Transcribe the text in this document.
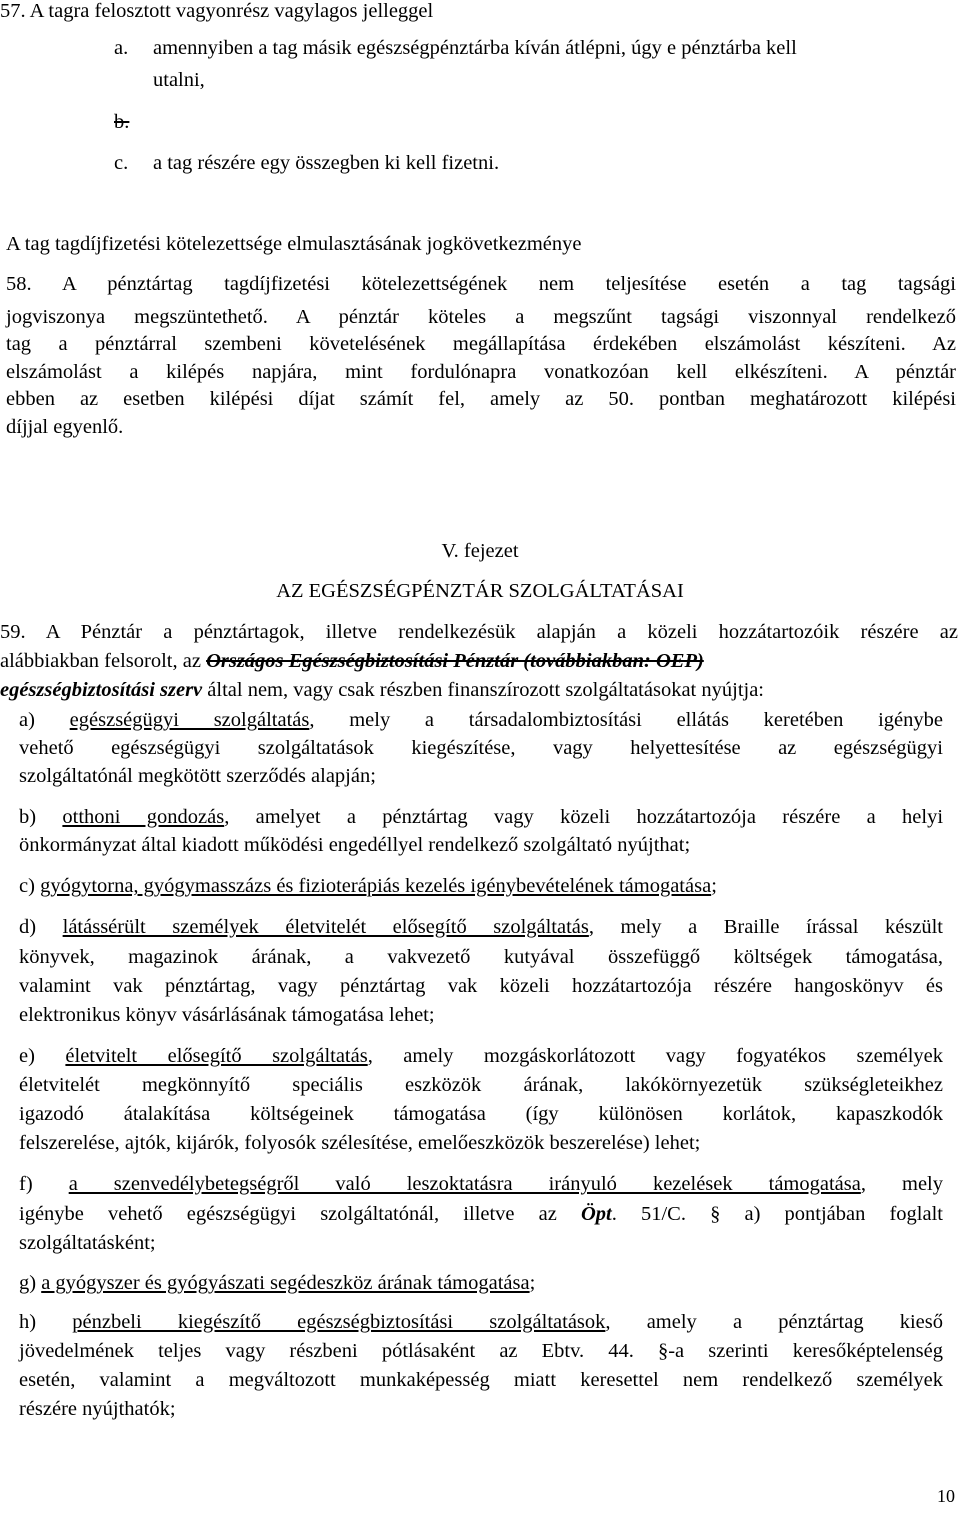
57. A tagra felosztott vagyonrész vagylagos jelleggel
a. amennyiben a tag másik egészségpénztárba kíván átlépni, úgy e pénztárba kell
utalni,
b.
c. a tag részére egy összegben ki kell fizetni.
A tag tagdíjfizetési kötelezettsége elmulasztásának jogkövetkezménye
58. A pénztártag tagdíjfizetési kötelezettségének nem teljesítése esetén a tag tagsági
jogviszonya megszüntethető. A pénztár köteles a megszűnt tagsági viszonnyal rendelkező
tag a pénztárral szembeni követelésének megállapítása érdekében elszámolást készíteni. Az
elszámolást a kilépés napjára, mint fordulónapra vonatkozóan kell elkészíteni. A pénztár
ebben az esetben kilépési díjat számít fel, amely az 50. pontban meghatározott kilépési
díjjal egyenlő.
V. fejezet
AZ EGÉSZSÉGPÉNZTÁR SZOLGÁLTATÁSAI
59. A Pénztár a pénztártagok, illetve rendelkezésük alapján a közeli hozzátartozóik részére az
alábbiakban felsorolt, az Országos Egészségbiztosítási Pénztár (továbbiakban: OEP)
egészségbiztosítási szerv által nem, vagy csak részben finanszírozott szolgáltatásokat nyújtja:
a) egészségügyi szolgáltatás, mely a társadalombiztosítási ellátás keretében igénybe
vehető egészségügyi szolgáltatások kiegészítése, vagy helyettesítése az egészségügyi
szolgáltatónál megkötött szerződés alapján;
b) otthoni gondozás, amelyet a pénztártag vagy közeli hozzátartozója részére a helyi
önkormányzat által kiadott működési engedéllyel rendelkező szolgáltató nyújthat;
c) gyógytorna, gyógymasszázs és fizioterápiás kezelés igénybevételének támogatása;
d) látássérült személyek életvitelét elősegítő szolgáltatás, mely a Braille írással készült
könyvek, magazinok árának, a vakvezető kutyával összefüggő költségek támogatása,
valamint vak pénztártag, vagy pénztártag vak közeli hozzátartozója részére hangoskönyv és
elektronikus könyv vásárlásának támogatása lehet;
e) életvitelt elősegítő szolgáltatás, amely mozgáskorlátozott vagy fogyatékos személyek
életvitelét megkönnyítő speciális eszközök árának, lakókörnyezetük szükségleteikhez
igazodó átalakítása költségeinek támogatása (így különösen korlátok, kapaszkodók
felszerelése, ajtók, kijárók, folyosók szélesítése, emelőeszközök beszerelése) lehet;
f) a szenvedélybetegségről való leszoktatásra irányuló kezelések támogatása, mely
igénybe vehető egészségügyi szolgáltatónál, illetve az Öpt. 51/C. § a) pontjában foglalt
szolgáltatásként;
g) a gyógyszer és gyógyászati segédeszköz árának támogatása;
h) pénzbeli kiegészítő egészségbiztosítási szolgáltatások, amely a pénztártag kieső
jövedelmének teljes vagy részbeni pótlásaként az Ebtv. 44. §-a szerinti keresőképtelenség
esetén, valamint a megváltozott munkaképesség miatt keresettel nem rendelkező személyek
részére nyújthatók;
10
